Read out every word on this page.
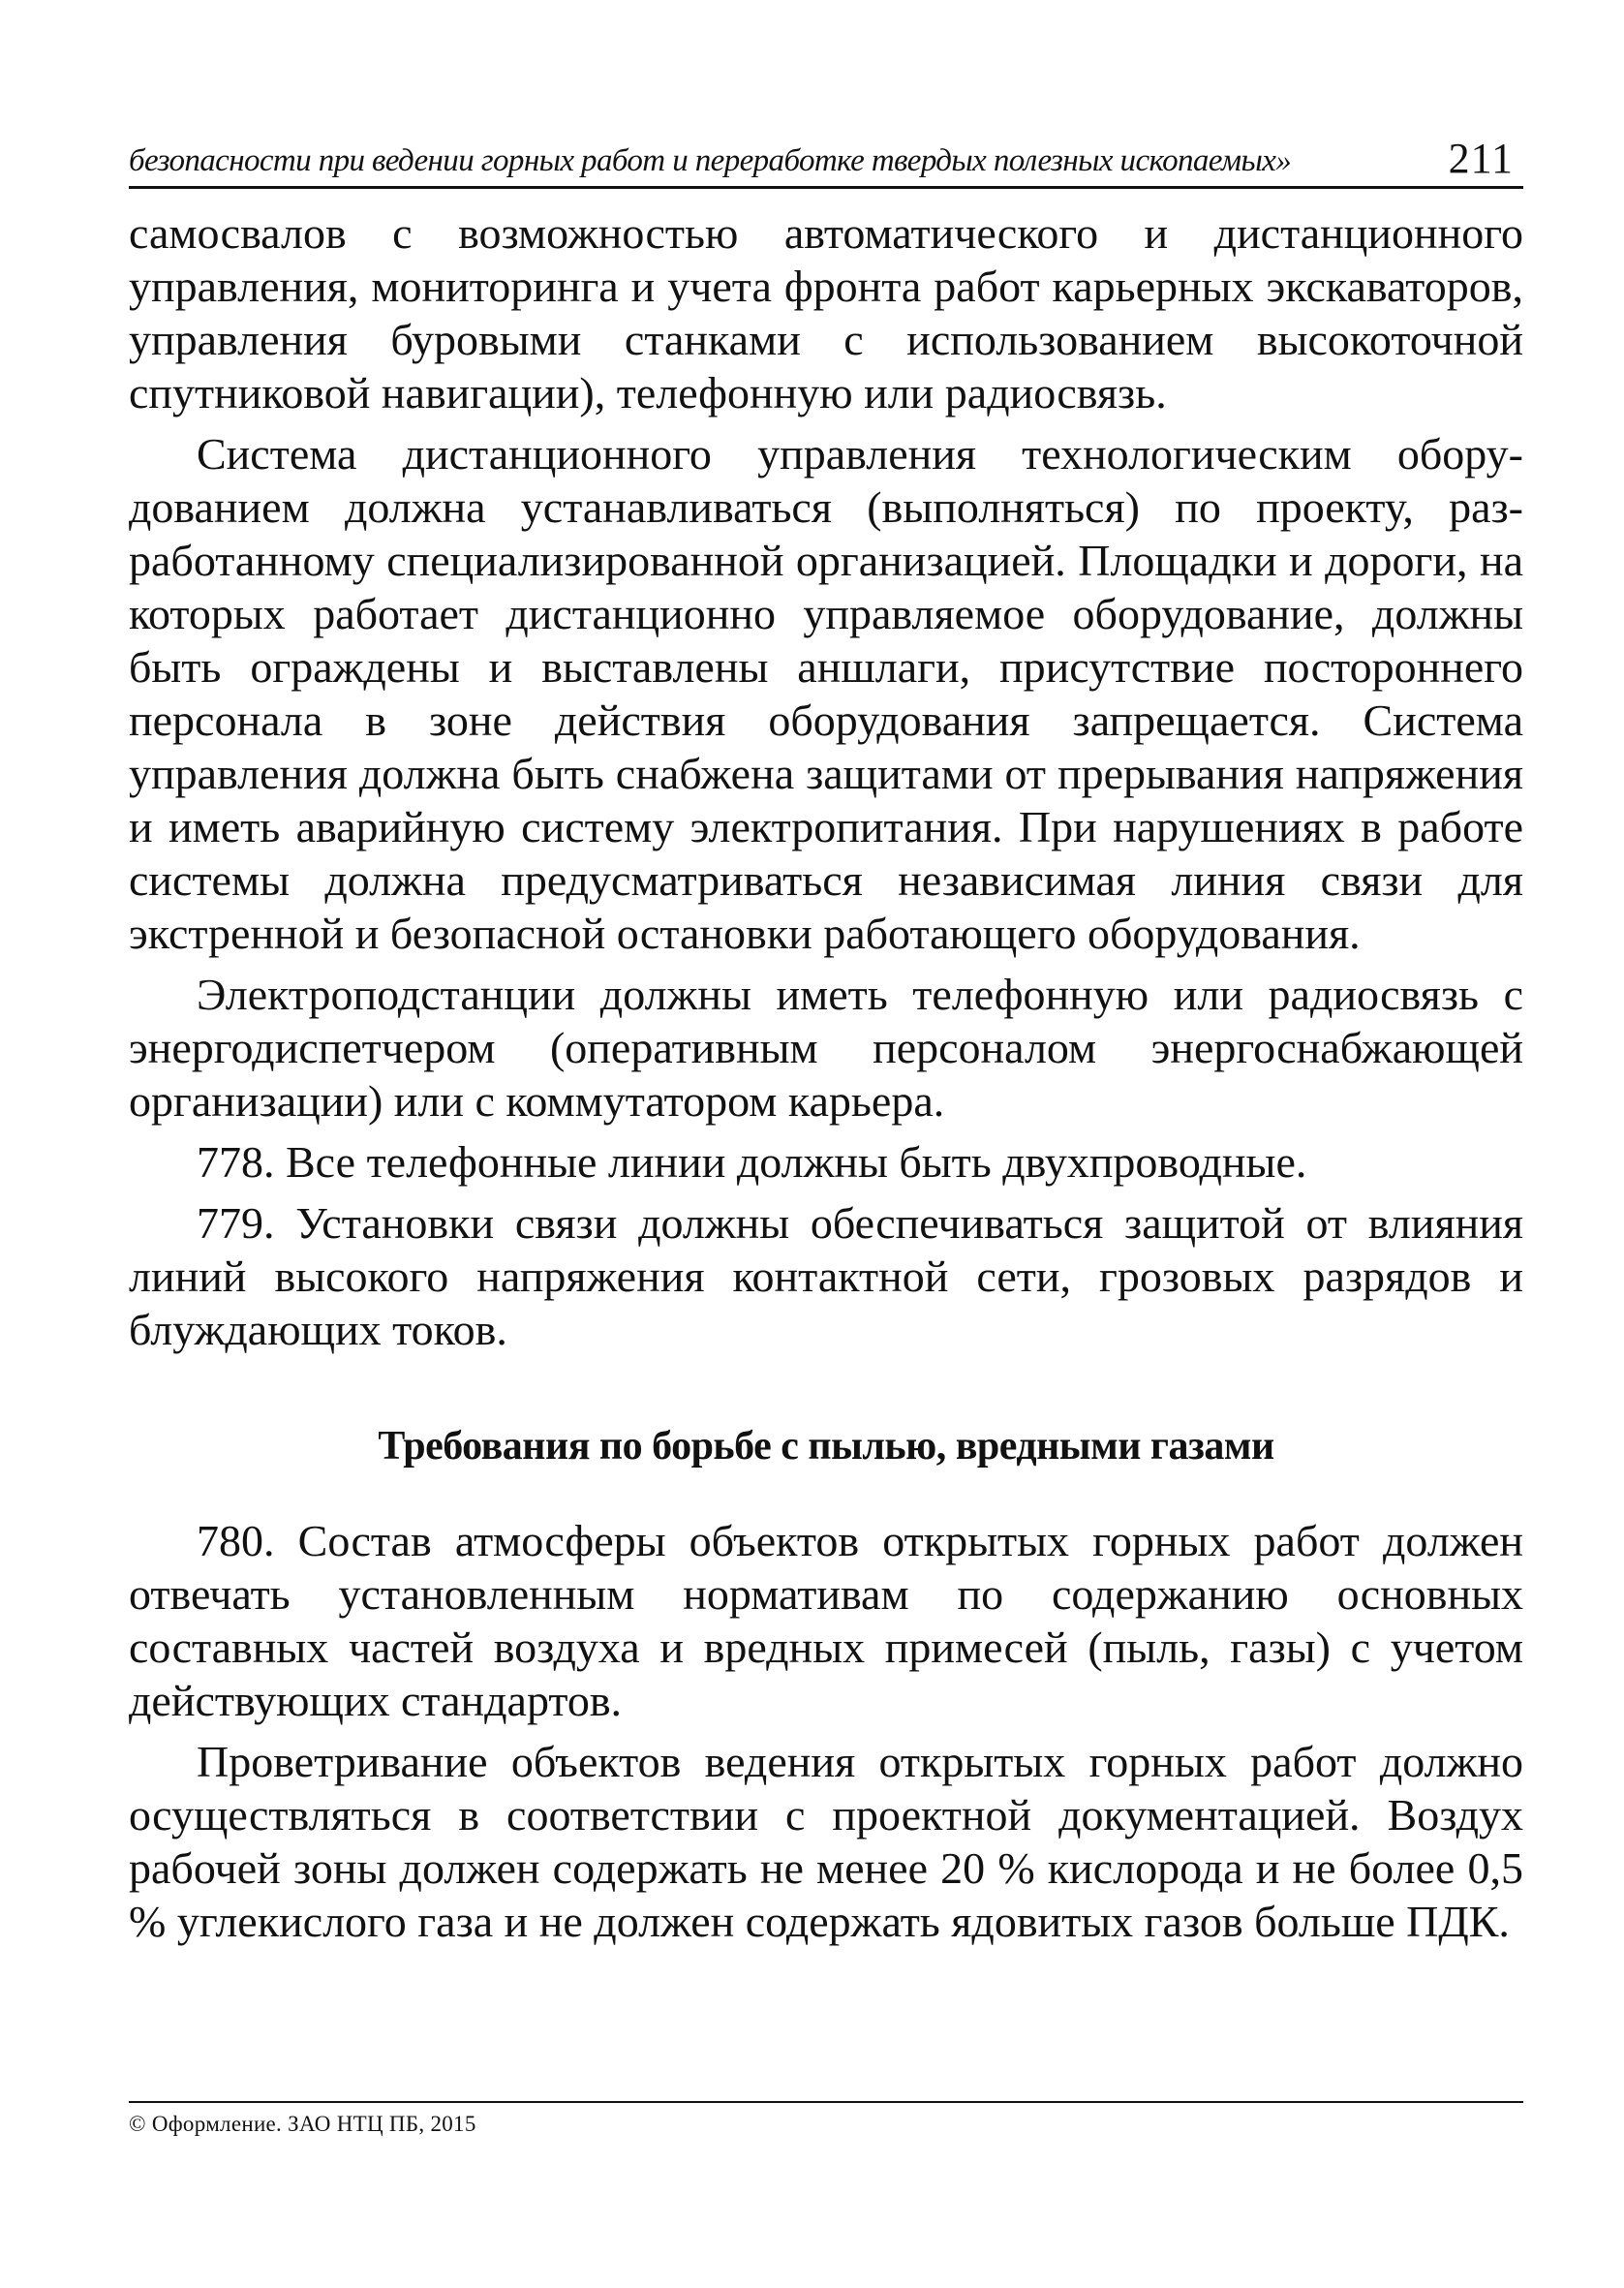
безопасности при ведении горных работ и переработке твердых полезных ископаемых»	211

самосвалов с возможностью автоматического и дистанционного управления, мониторинга и учета фронта работ карьерных экскаваторов, управления буровыми станками с использованием высокоточной спутниковой навигации), телефонную или радиосвязь.

Система дистанционного управления технологическим оборудованием должна устанавливаться (выполняться) по проекту, разработанному специализированной организацией. Площадки и дороги, на которых работает дистанционно управляемое оборудование, должны быть ограждены и выставлены аншлаги, присутствие постороннего персонала в зоне действия оборудования запрещается. Система управления должна быть снабжена защитами от прерывания напряжения и иметь аварийную систему электропитания. При нарушениях в работе системы должна предусматриваться независимая линия связи для экстренной и безопасной остановки работающего оборудования.

Электроподстанции должны иметь телефонную или радиосвязь с энергодиспетчером (оперативным персоналом энергоснабжающей организации) или с коммутатором карьера.

778. Все телефонные линии должны быть двухпроводные.

779. Установки связи должны обеспечиваться защитой от влияния линий высокого напряжения контактной сети, грозовых разрядов и блуждающих токов.

Требования по борьбе с пылью, вредными газами

780. Состав атмосферы объектов открытых горных работ должен отвечать установленным нормативам по содержанию основных составных частей воздуха и вредных примесей (пыль, газы) с учетом действующих стандартов.

Проветривание объектов ведения открытых горных работ должно осуществляться в соответствии с проектной документацией. Воздух рабочей зоны должен содержать не менее 20 % кислорода и не более 0,5 % углекислого газа и не должен содержать ядовитых газов больше ПДК.

© Оформление. ЗАО НТЦ ПБ, 2015
